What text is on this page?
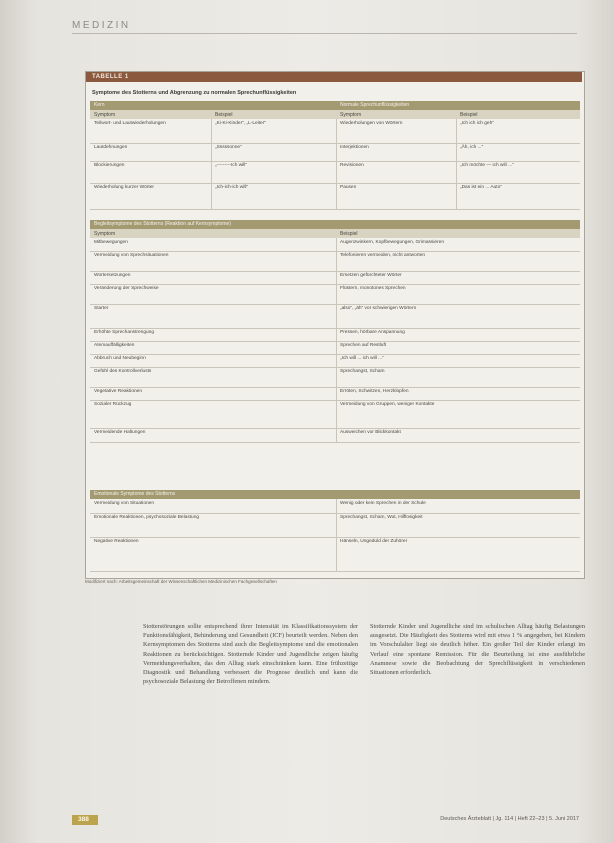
MEDIZIN
TABELLE 1
Symptome des Stotterns und Abgrenzung zu normalen Sprechunflüssigkeiten
Kern	Normale Sprechunflüssigkeiten
Symptom	Beispiel	Symptom	Beispiel
Teilwort- und Lautwiederholungen	„Ki-Ki-Kinder“, „L-Leiter“	Wiederholungen von Wörtern	„Ich ich ich geh“
Lautdehnungen	„Sssssonne“	Interjektionen	„Äh, ich ...“
Blockierungen	„---------Ich will“	Revisionen	„Ich möchte — ich will ...“
Wiederholung kurzer Wörter	„Ich-ich-ich will“	Pausen	„Das ist ein ... Auto“
Begleitsymptome des Stotterns (Reaktion auf Kernsymptome)
Symptom	Beispiel
Mitbewegungen	Augenzwinkern, Kopfbewegungen, Grimassieren
Vermeidung von Sprechsituationen	Telefonieren vermeiden, nicht antworten
Wortersetzungen	Ersetzen gefürchteter Wörter
Veränderung der Sprechweise	Flüstern, monotones Sprechen
Starter	„also“, „äh“ vor schwierigen Wörtern
Erhöhte Sprechanstrengung	Pressen, hörbare Anspannung
Atemauffälligkeiten	Sprechen auf Restluft
Abbruch und Neubeginn	„Ich will ... ich will ...“
Gefühl des Kontrollverlusts	Sprechangst, Scham
Vegetative Reaktionen	Erröten, Schwitzen, Herzklopfen
Sozialer Rückzug	Vermeidung von Gruppen, weniger Kontakte
Vermeidende Haltungen	Ausweichen vor Blickkontakt
Emotionale Symptome des Stotterns
Vermeidung von Situationen	Wenig oder kein Sprechen in der Schule
Emotionale Reaktionen, psychosoziale Belastung	Sprechangst, Scham, Wut, Hilflosigkeit
Negative Reaktionen	Hänseln, Ungeduld der Zuhörer
Modifiziert nach: Arbeitsgemeinschaft der Wissenschaftlichen Medizinischen Fachgesellschaften
Stotterstörungen sollte entsprechend ihrer Intensität im Klassifikationssystem der Funktionsfähigkeit, Behinderung und Gesundheit (ICF) beurteilt werden. Neben den Kernsymptomen des Stotterns sind auch die Begleitsymptome und die emotionalen Reaktionen zu berücksichtigen. Stotternde Kinder und Jugendliche zeigen häufig Vermeidungsverhalten, das den Alltag stark einschränken kann. Eine frühzeitige Diagnostik und Behandlung verbessert die Prognose deutlich und kann die psychosoziale Belastung der Betroffenen mindern.
Stotternde Kinder und Jugendliche sind im schulischen Alltag häufig Belastungen ausgesetzt. Die Häufigkeit des Stotterns wird mit etwa 1 % angegeben, bei Kindern im Vorschulalter liegt sie deutlich höher. Ein großer Teil der Kinder erlangt im Verlauf eine spontane Remission. Für die Beurteilung ist eine ausführliche Anamnese sowie die Beobachtung der Sprechflüssigkeit in verschiedenen Situationen erforderlich.
388	Deutsches Ärzteblatt | Jg. 114 | Heft 22–23 | 5. Juni 2017
